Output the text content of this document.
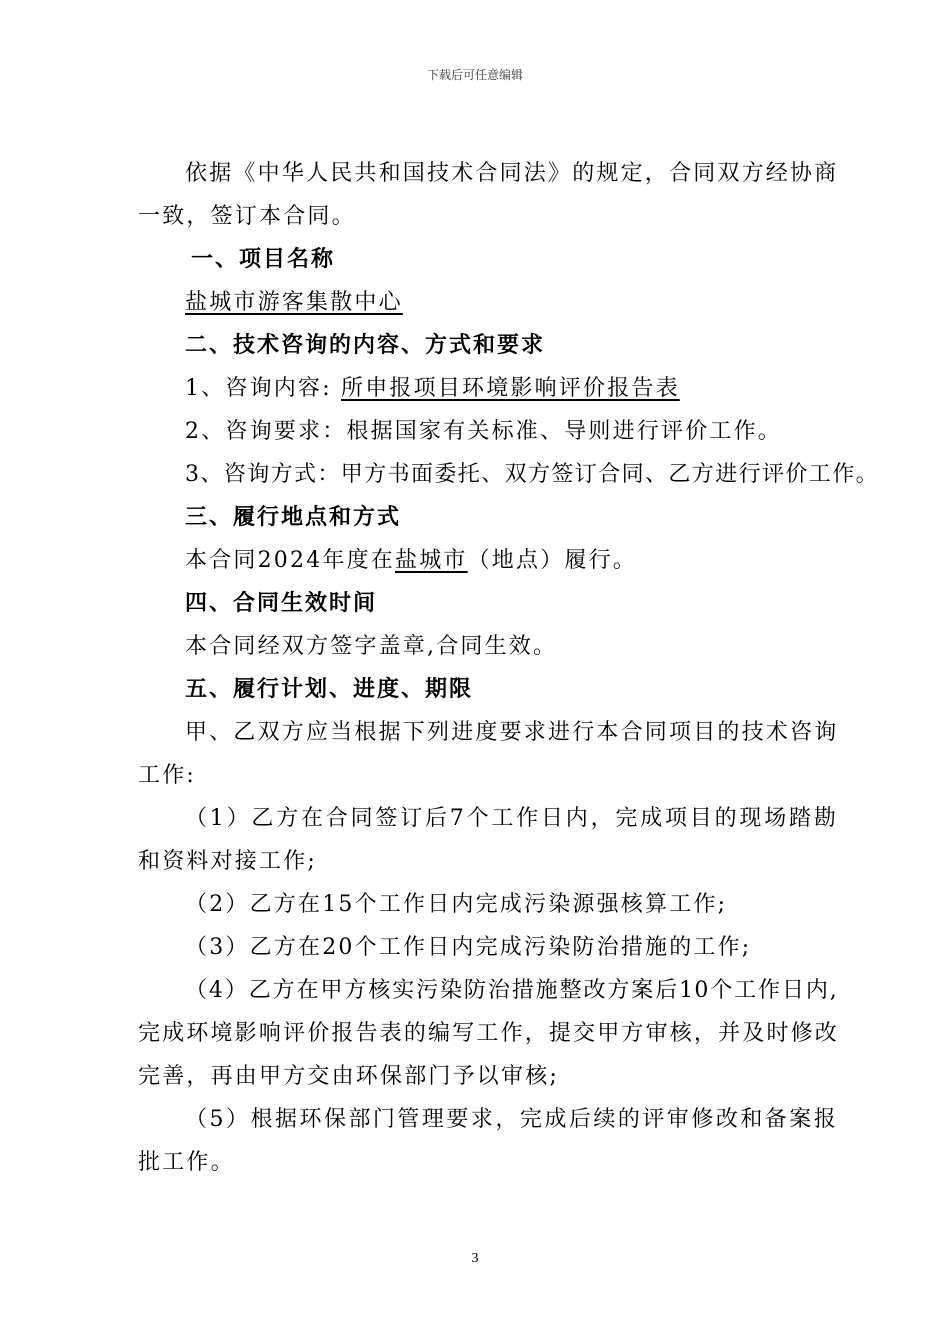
下载后可任意编辑
依据《中华人民共和国技术合同法》的规定，合同双方经协商
一致，签订本合同。
一、项目名称
盐城市游客集散中心
二、技术咨询的内容、方式和要求
1、咨询内容: 所申报项目环境影响评价报告表
2、咨询要求：根据国家有关标准、导则进行评价工作。
3、咨询方式：甲方书面委托、双方签订合同、乙方进行评价工作。
三、履行地点和方式
本合同2024年度在盐城市（地点）履行。
四、合同生效时间
本合同经双方签字盖章,合同生效。
五、履行计划、进度、期限
甲、乙双方应当根据下列进度要求进行本合同项目的技术咨询
工作:
（1）乙方在合同签订后7个工作日内，完成项目的现场踏勘
和资料对接工作;
（2）乙方在15个工作日内完成污染源强核算工作;
（3）乙方在20个工作日内完成污染防治措施的工作;
（4）乙方在甲方核实污染防治措施整改方案后10个工作日内,
完成环境影响评价报告表的编写工作，提交甲方审核，并及时修改
完善，再由甲方交由环保部门予以审核;
（5）根据环保部门管理要求，完成后续的评审修改和备案报
批工作。
3
